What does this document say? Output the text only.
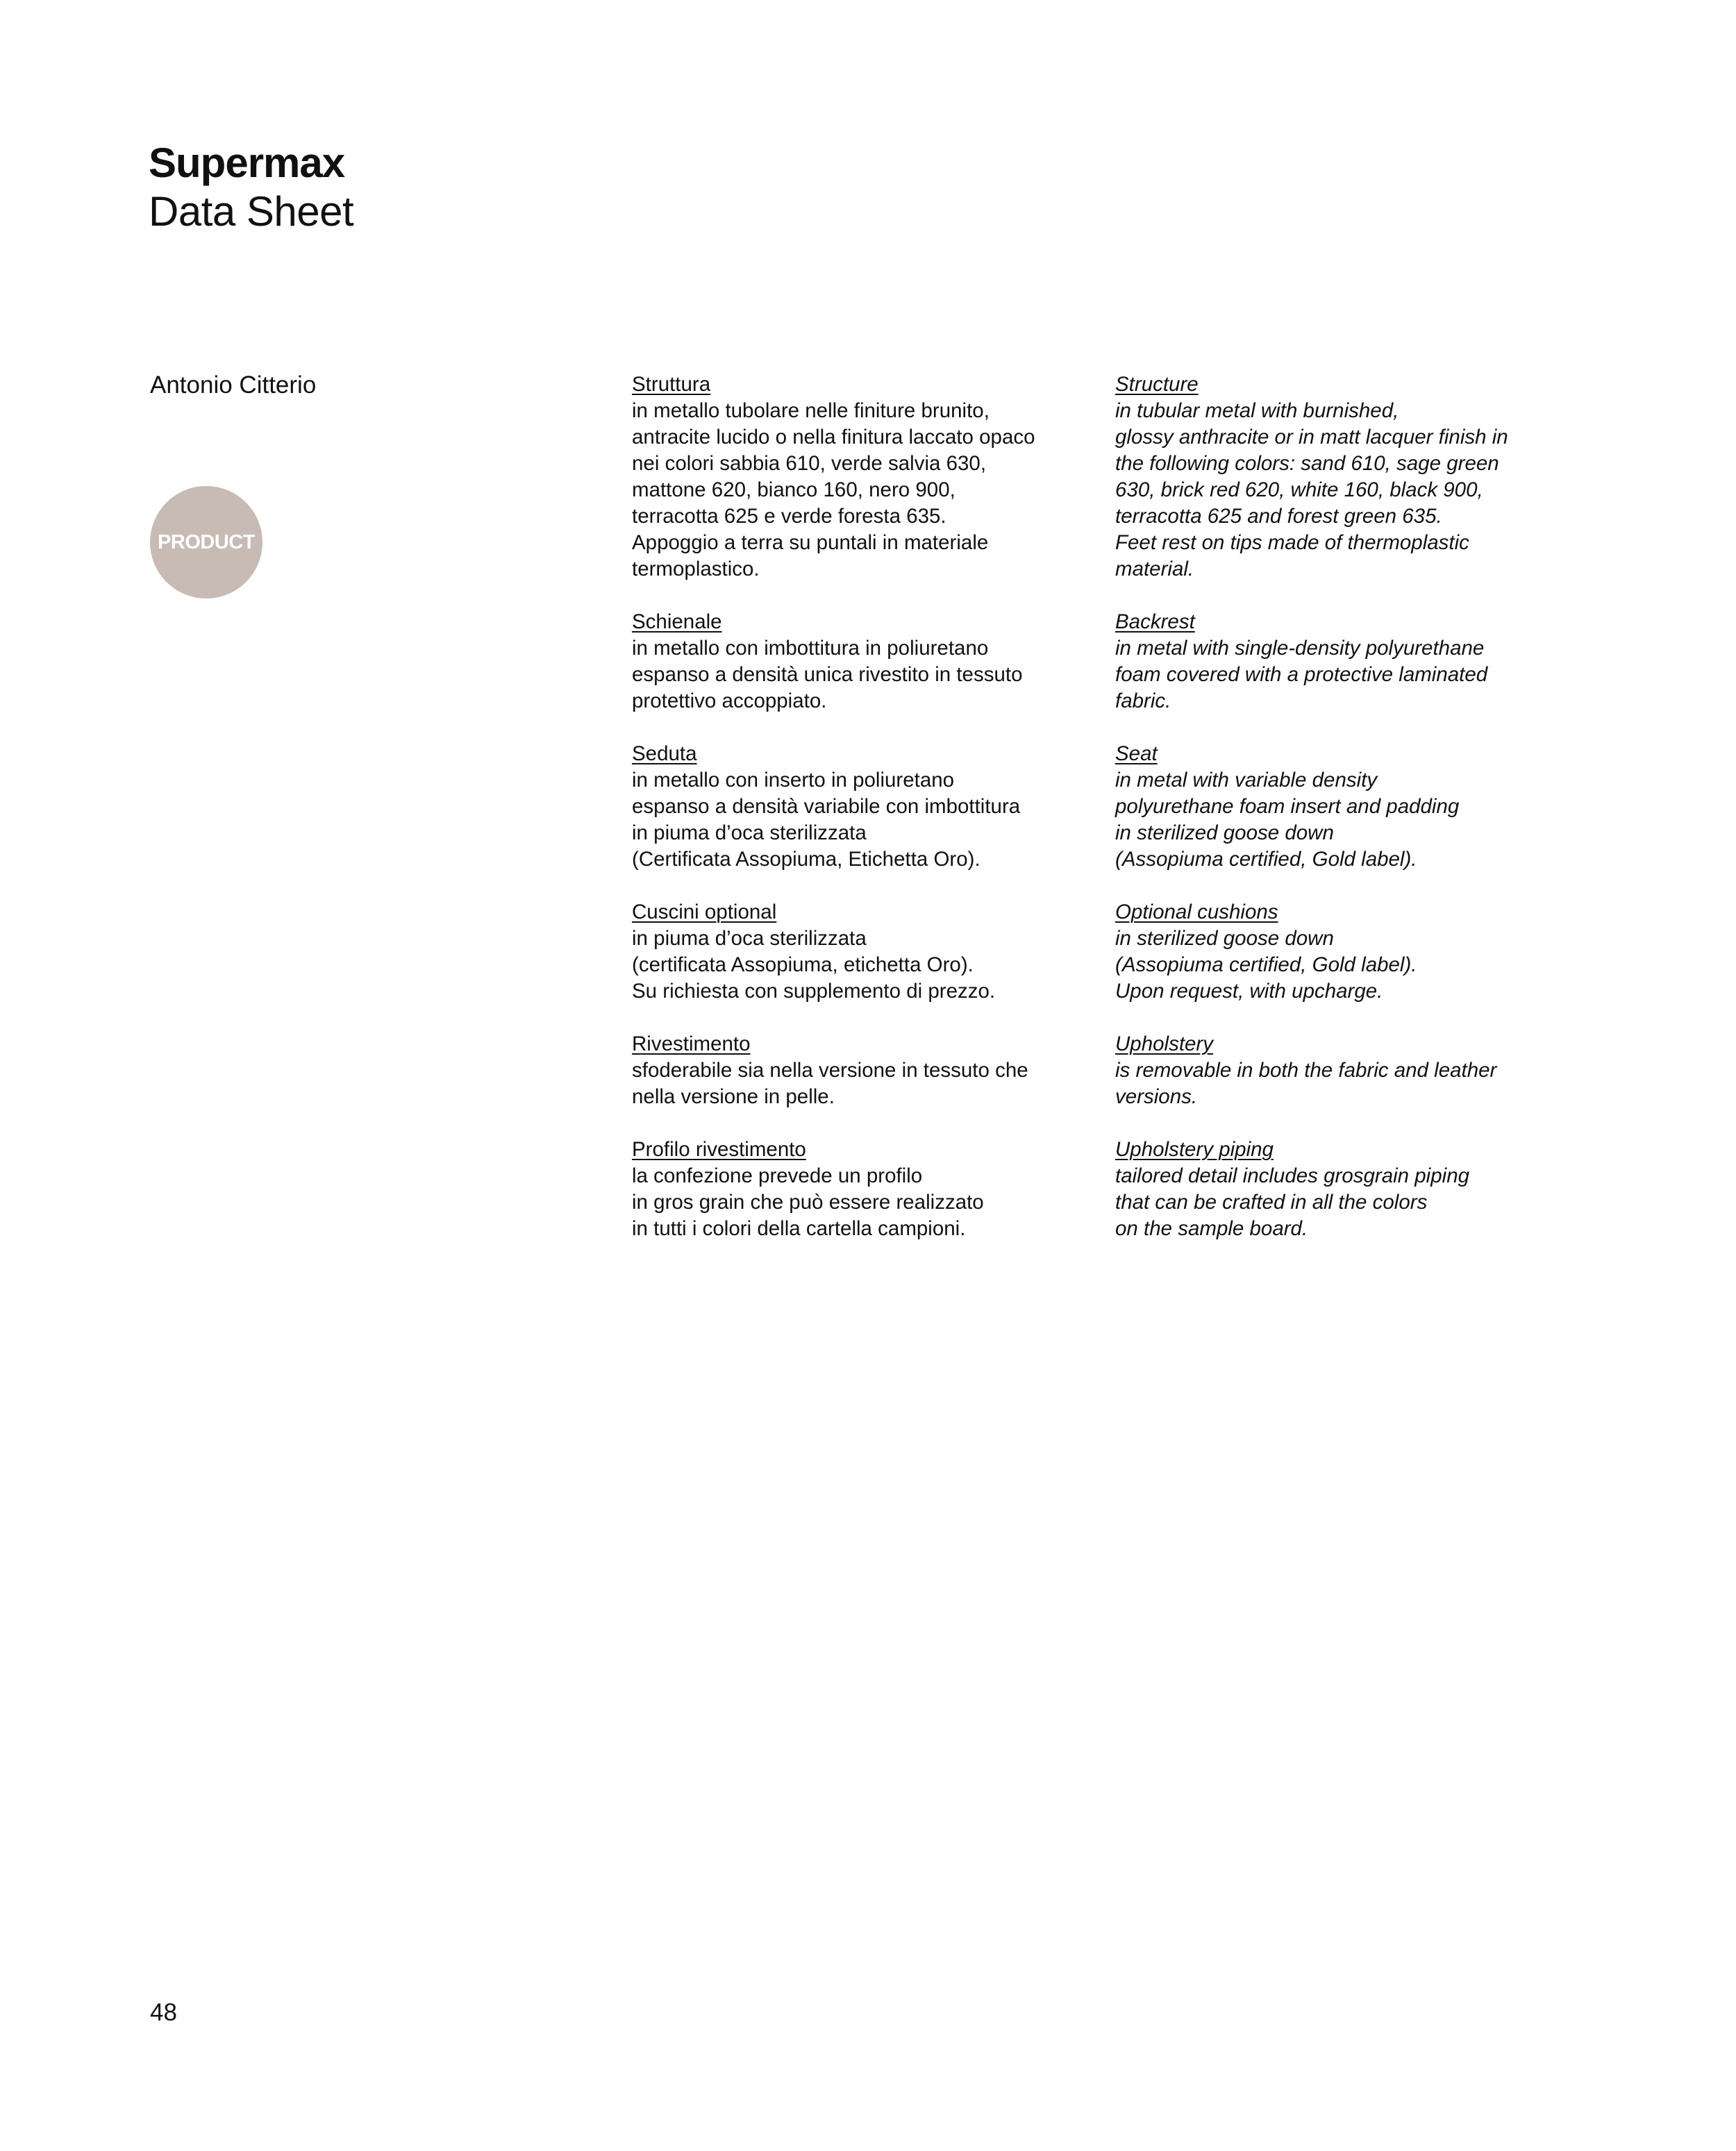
Supermax
Data Sheet
Antonio Citterio
PRODUCT
Struttura
in metallo tubolare nelle finiture brunito,
antracite lucido o nella finitura laccato opaco
nei colori sabbia 610, verde salvia 630,
mattone 620, bianco 160, nero 900,
terracotta 625 e verde foresta 635.
Appoggio a terra su puntali in materiale
termoplastico.
Schienale
in metallo con imbottitura in poliuretano
espanso a densità unica rivestito in tessuto
protettivo accoppiato.
Seduta
in metallo con inserto in poliuretano
espanso a densità variabile con imbottitura
in piuma d’oca sterilizzata
(Certificata Assopiuma, Etichetta Oro).
Cuscini optional
in piuma d’oca sterilizzata
(certificata Assopiuma, etichetta Oro).
Su richiesta con supplemento di prezzo.
Rivestimento
sfoderabile sia nella versione in tessuto che
nella versione in pelle.
Profilo rivestimento
la confezione prevede un profilo
in gros grain che può essere realizzato
in tutti i colori della cartella campioni.
Structure
in tubular metal with burnished,
glossy anthracite or in matt lacquer finish in
the following colors: sand 610, sage green
630, brick red 620, white 160, black 900,
terracotta 625 and forest green 635.
Feet rest on tips made of thermoplastic
material.
Backrest
in metal with single-density polyurethane
foam covered with a protective laminated
fabric.
Seat
in metal with variable density
polyurethane foam insert and padding
in sterilized goose down
(Assopiuma certified, Gold label).
Optional cushions
in sterilized goose down
(Assopiuma certified, Gold label).
Upon request, with upcharge.
Upholstery
is removable in both the fabric and leather
versions.
Upholstery piping
tailored detail includes grosgrain piping
that can be crafted in all the colors
on the sample board.
48
